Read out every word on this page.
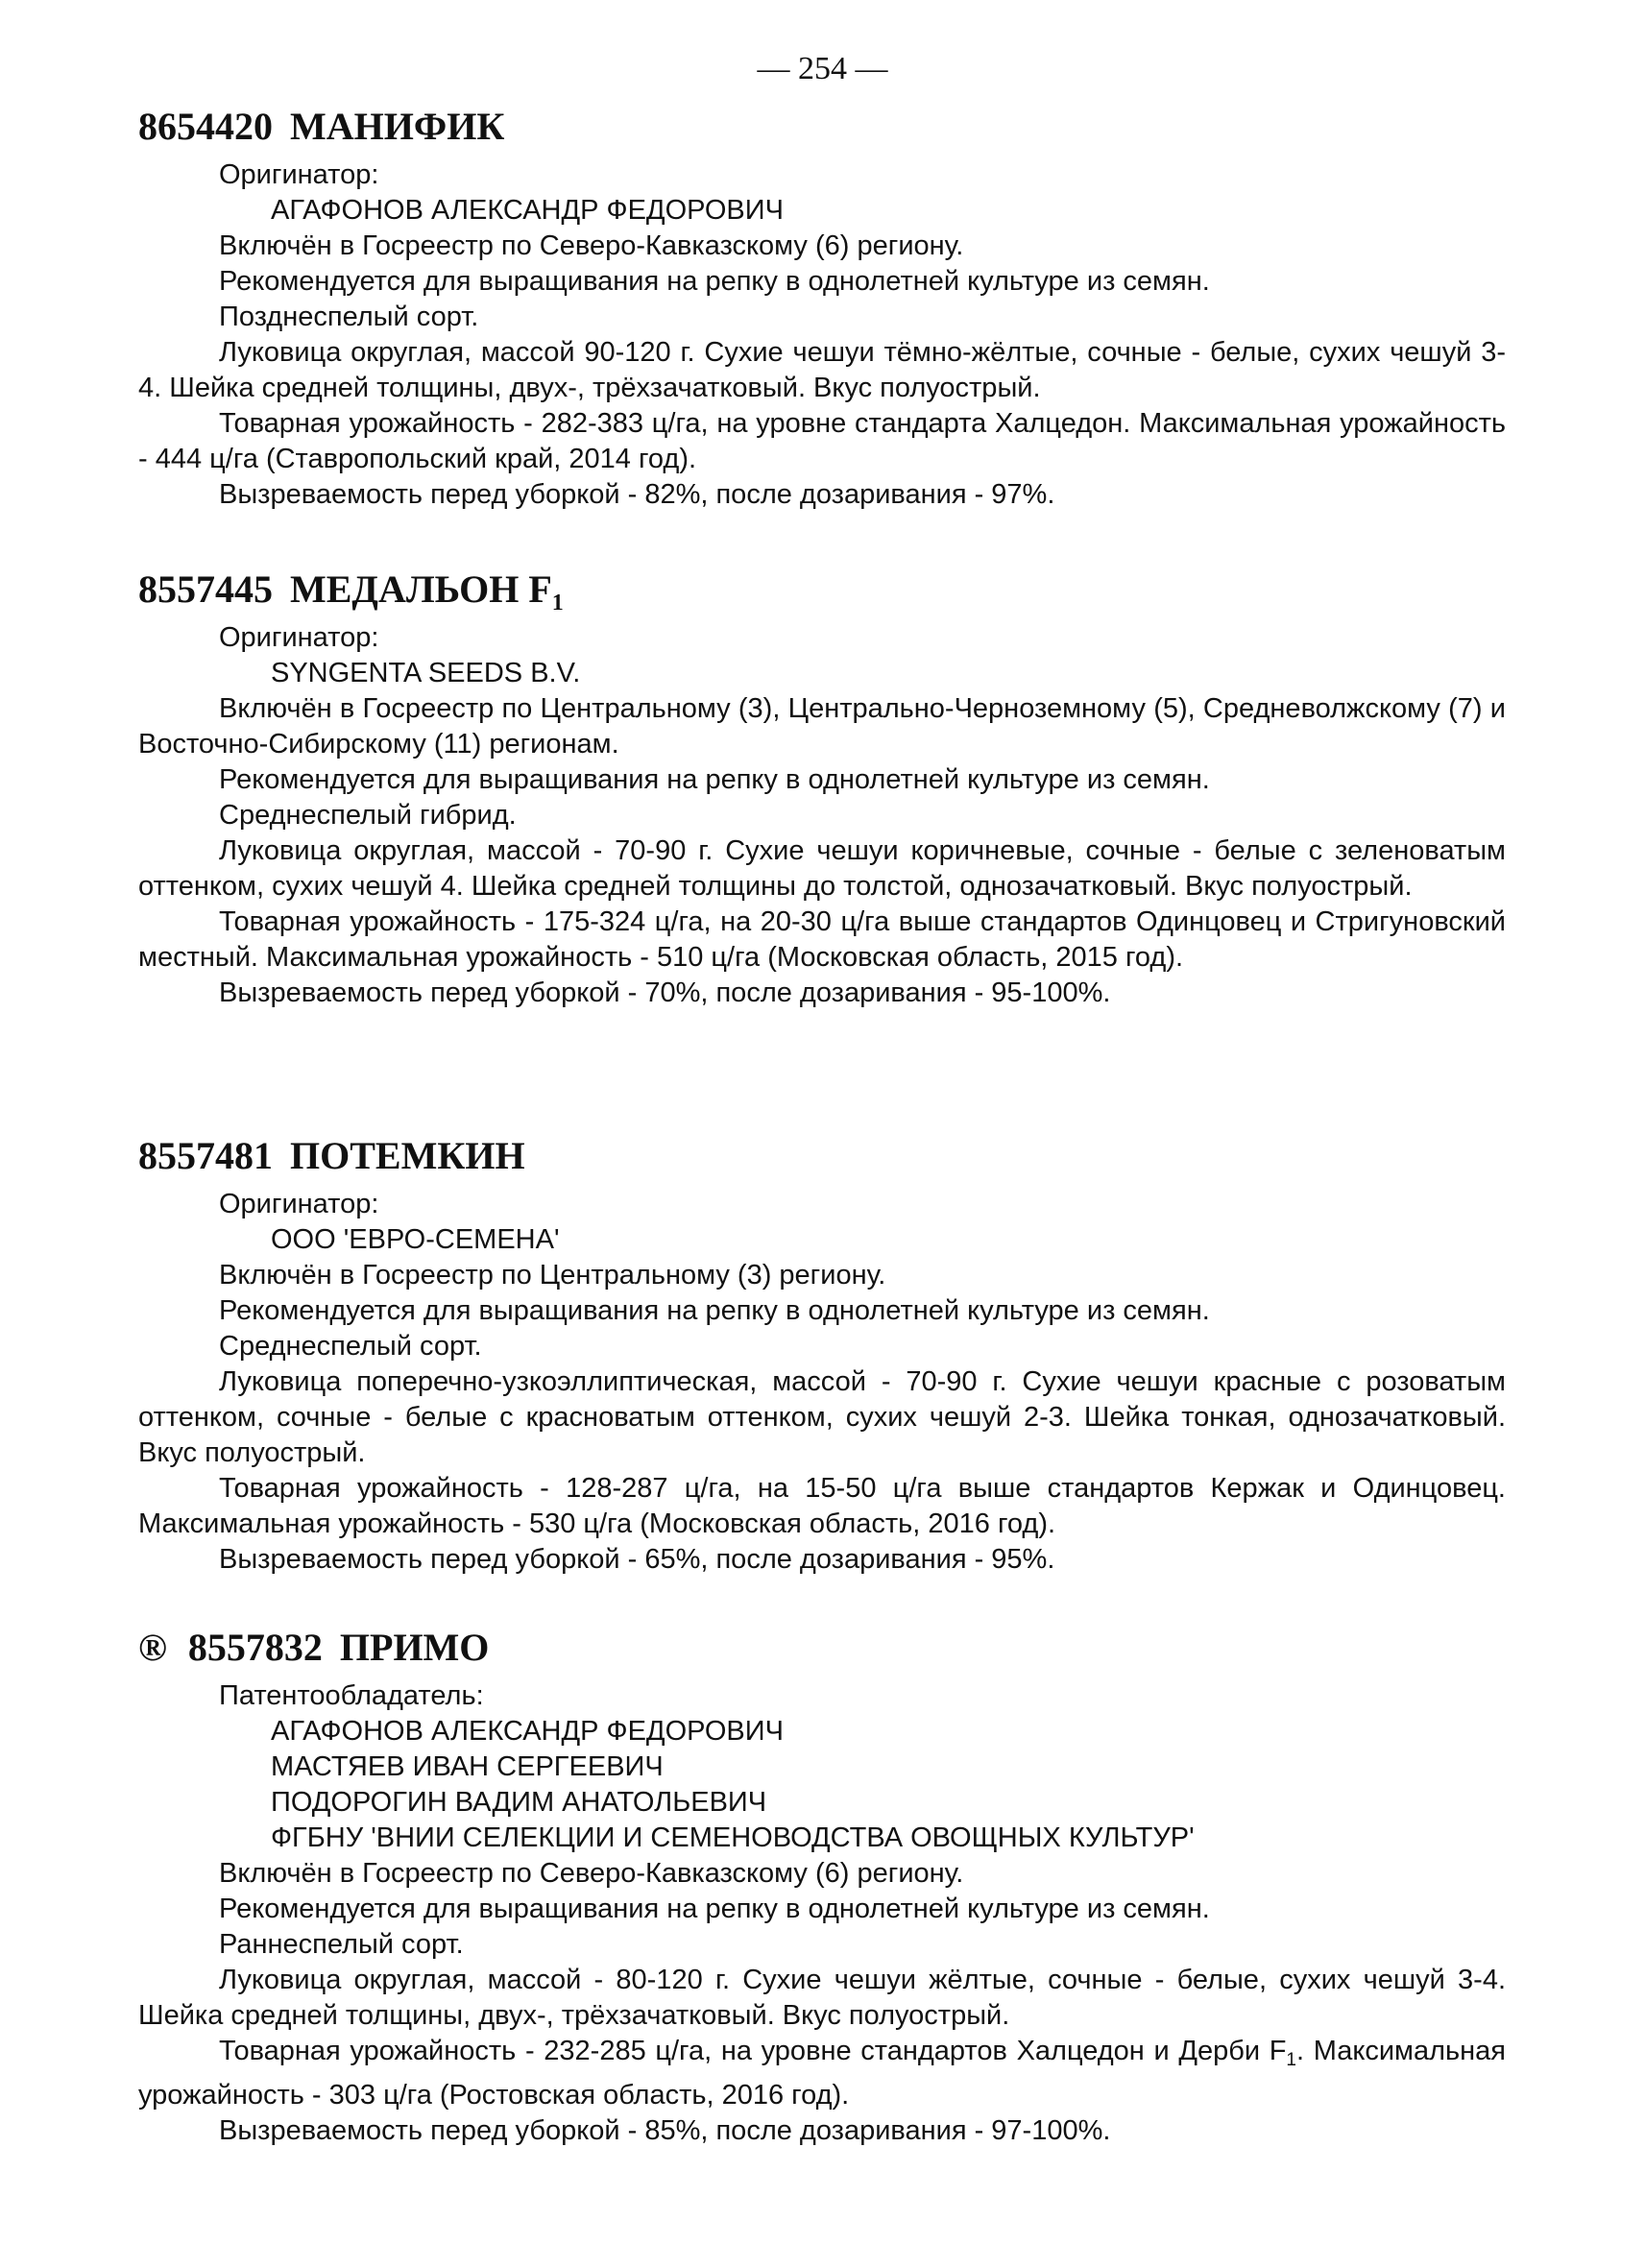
— 254 —
8654420 МАНИФИК

Оригинатор:

АГАФОНОВ АЛЕКСАНДР ФЕДОРОВИЧ

Включён в Госреестр по Северо-Кавказскому (6) региону.

Рекомендуется для выращивания на репку в однолетней культуре из семян.

Позднеспелый сорт.

Луковица округлая, массой 90-120 г. Сухие чешуи тёмно-жёлтые, сочные - белые, сухих чешуй 3-4. Шейка средней толщины, двух-, трёхзачатковый. Вкус полуострый.

Товарная урожайность - 282-383 ц/га, на уровне стандарта Халцедон. Максимальная урожайность - 444 ц/га (Ставропольский край, 2014 год).

Вызреваемость перед уборкой - 82%, после дозаривания - 97%.

8557445 МЕДАЛЬОН $F_1$

Оригинатор:

SYNGENTA SEEDS B.V.

Включён в Госреестр по Центральному (3), Центрально-Черноземному (5), Средневолжскому (7) и Восточно-Сибирскому (11) регионам.

Рекомендуется для выращивания на репку в однолетней культуре из семян.

Среднеспелый гибрид.

Луковица округлая, массой - 70-90 г. Сухие чешуи коричневые, сочные - белые с зеленоватым оттенком, сухих чешуй 4. Шейка средней толщины до толстой, однозачатковый. Вкус полуострый.

Товарная урожайность - 175-324 ц/га, на 20-30 ц/га выше стандартов Одинцовец и Стригуновский местный. Максимальная урожайность - 510 ц/га (Московская область, 2015 год).

Вызреваемость перед уборкой - 70%, после дозаривания - 95-100%.

8557481 ПОТЕМКИН

Оригинатор:

ООО 'ЕВРО-СЕМЕНА'

Включён в Госреестр по Центральному (3) региону.

Рекомендуется для выращивания на репку в однолетней культуре из семян.

Среднеспелый сорт.

Луковица поперечно-узкоэллиптическая, массой - 70-90 г. Сухие чешуи красные с розоватым оттенком, сочные - белые с красноватым оттенком, сухих чешуй 2-3. Шейка тонкая, однозачатковый. Вкус полуострый.

Товарная урожайность - 128-287 ц/га, на 15-50 ц/га выше стандартов Кержак и Одинцовец. Максимальная урожайность - 530 ц/га (Московская область, 2016 год).

Вызреваемость перед уборкой - 65%, после дозаривания - 95%.

® 8557832 ПРИМО

Патентообладатель:

АГАФОНОВ АЛЕКСАНДР ФЕДОРОВИЧ

МАСТЯЕВ ИВАН СЕРГЕЕВИЧ

ПОДОРОГИН ВАДИМ АНАТОЛЬЕВИЧ

ФГБНУ 'ВНИИ СЕЛЕКЦИИ И СЕМЕНОВОДСТВА ОВОЩНЫХ КУЛЬТУР'

Включён в Госреестр по Северо-Кавказскому (6) региону.

Рекомендуется для выращивания на репку в однолетней культуре из семян.

Раннеспелый сорт.

Луковица округлая, массой - 80-120 г. Сухие чешуи жёлтые, сочные - белые, сухих чешуй 3-4. Шейка средней толщины, двух-, трёхзачатковый. Вкус полуострый.

Товарная урожайность - 232-285 ц/га, на уровне стандартов Халцедон и Дерби $F_1$. Максимальная урожайность - 303 ц/га (Ростовская область, 2016 год).

Вызреваемость перед уборкой - 85%, после дозаривания - 97-100%.
